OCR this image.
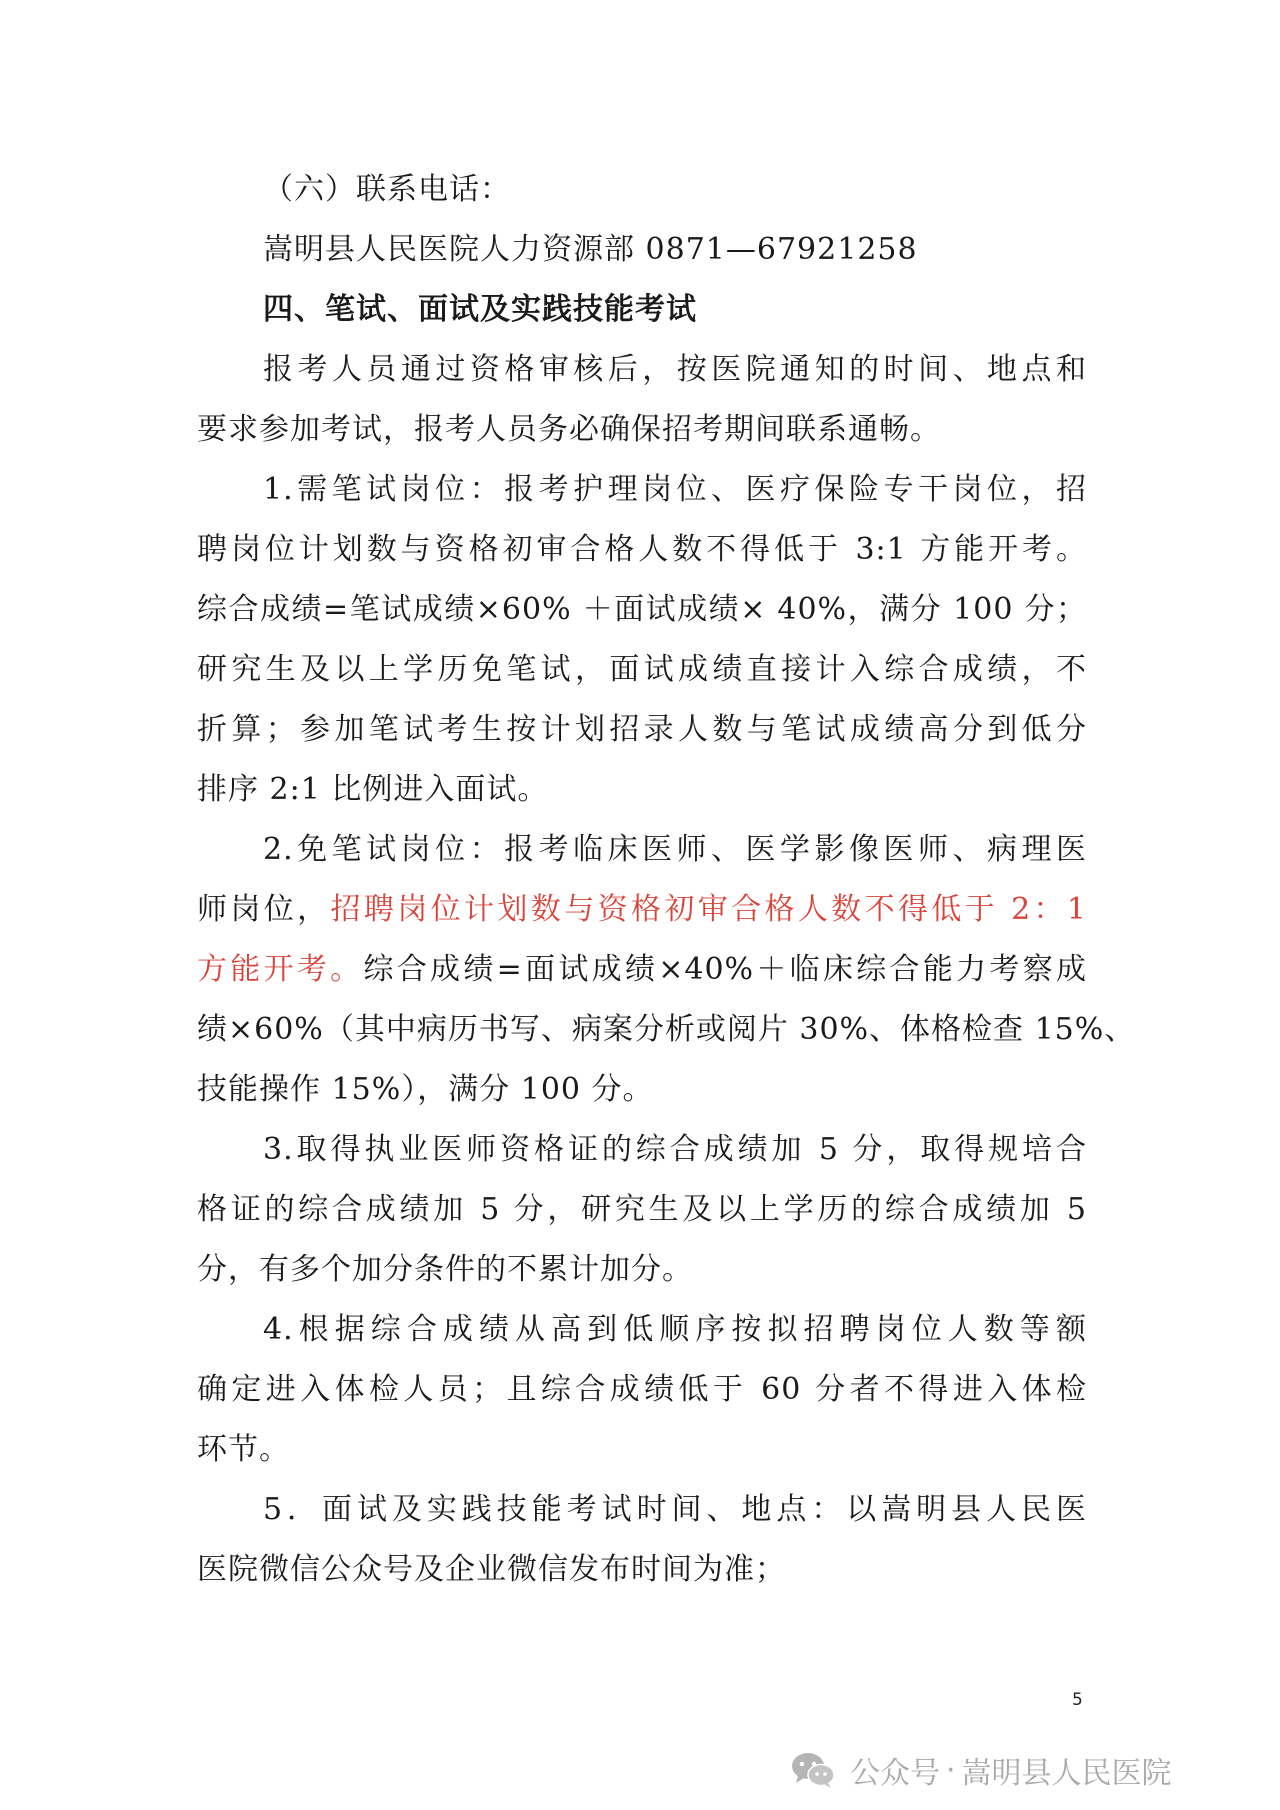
（六）联系电话：
嵩明县人民医院人力资源部 0871—67921258
四、笔试、面试及实践技能考试
报考人员通过资格审核后，按医院通知的时间、地点和
要求参加考试，报考人员务必确保招考期间联系通畅。
1.需笔试岗位：报考护理岗位、医疗保险专干岗位，招
聘岗位计划数与资格初审合格人数不得低于 3:1 方能开考。
综合成绩=笔试成绩×60% ＋面试成绩× 40%，满分 100 分；
研究生及以上学历免笔试，面试成绩直接计入综合成绩，不
折算；参加笔试考生按计划招录人数与笔试成绩高分到低分
排序 2:1 比例进入面试。
2.免笔试岗位：报考临床医师、医学影像医师、病理医
师岗位，招聘岗位计划数与资格初审合格人数不得低于 2：1
方能开考。综合成绩=面试成绩×40%＋临床综合能力考察成
绩×60%（其中病历书写、病案分析或阅片 30%、体格检查 15%、
技能操作 15%），满分 100 分。
3.取得执业医师资格证的综合成绩加 5 分，取得规培合
格证的综合成绩加 5 分，研究生及以上学历的综合成绩加 5
分，有多个加分条件的不累计加分。
4.根据综合成绩从高到低顺序按拟招聘岗位人数等额
确定进入体检人员；且综合成绩低于 60 分者不得进入体检
环节。
5．面试及实践技能考试时间、地点：以嵩明县人民医
医院微信公众号及企业微信发布时间为准；
5
公众号 · 嵩明县人民医院
